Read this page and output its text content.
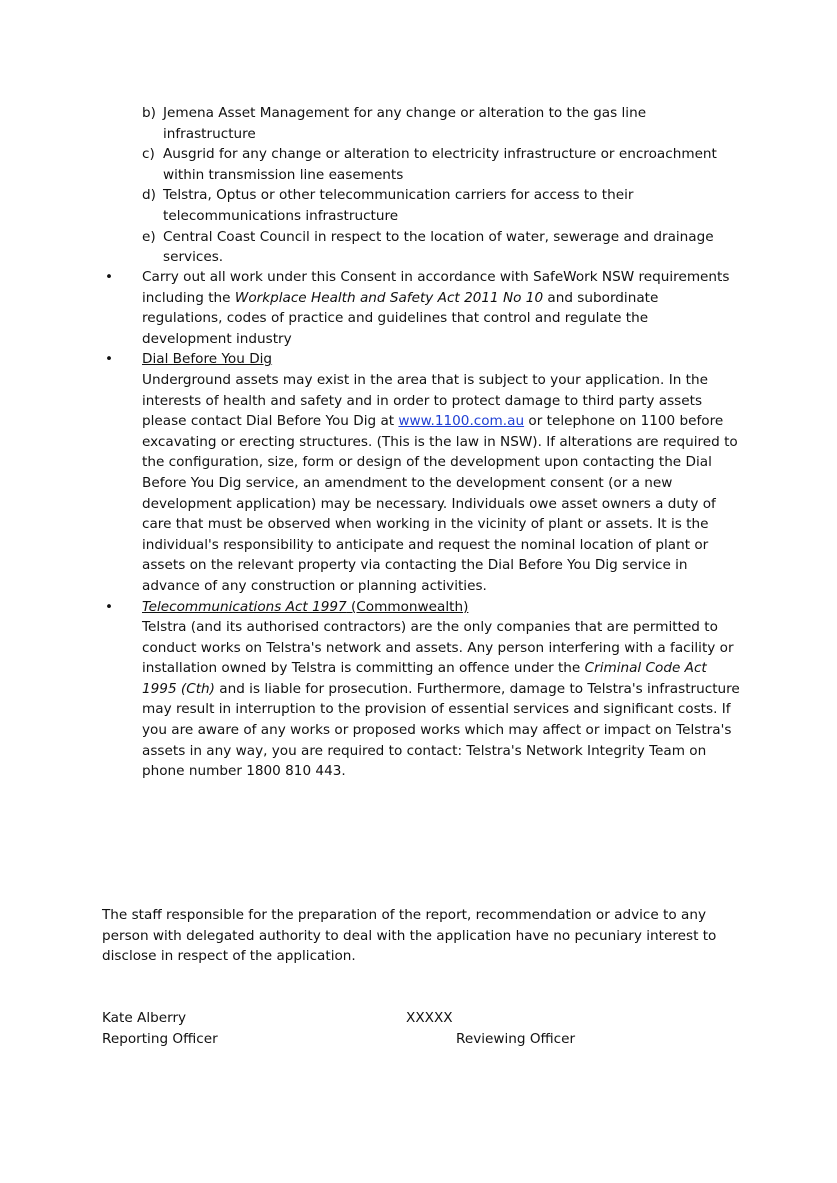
b) Jemena Asset Management for any change or alteration to the gas line infrastructure
c) Ausgrid for any change or alteration to electricity infrastructure or encroachment within transmission line easements
d) Telstra, Optus or other telecommunication carriers for access to their telecommunications infrastructure
e) Central Coast Council in respect to the location of water, sewerage and drainage services.
• Carry out all work under this Consent in accordance with SafeWork NSW requirements including the Workplace Health and Safety Act 2011 No 10 and subordinate regulations, codes of practice and guidelines that control and regulate the development industry
• Dial Before You Dig
Underground assets may exist in the area that is subject to your application. In the interests of health and safety and in order to protect damage to third party assets please contact Dial Before You Dig at www.1100.com.au or telephone on 1100 before excavating or erecting structures. (This is the law in NSW). If alterations are required to the configuration, size, form or design of the development upon contacting the Dial Before You Dig service, an amendment to the development consent (or a new development application) may be necessary. Individuals owe asset owners a duty of care that must be observed when working in the vicinity of plant or assets. It is the individual's responsibility to anticipate and request the nominal location of plant or assets on the relevant property via contacting the Dial Before You Dig service in advance of any construction or planning activities.
• Telecommunications Act 1997 (Commonwealth)
Telstra (and its authorised contractors) are the only companies that are permitted to conduct works on Telstra's network and assets. Any person interfering with a facility or installation owned by Telstra is committing an offence under the Criminal Code Act 1995 (Cth) and is liable for prosecution. Furthermore, damage to Telstra's infrastructure may result in interruption to the provision of essential services and significant costs. If you are aware of any works or proposed works which may affect or impact on Telstra's assets in any way, you are required to contact: Telstra's Network Integrity Team on phone number 1800 810 443.

The staff responsible for the preparation of the report, recommendation or advice to any person with delegated authority to deal with the application have no pecuniary interest to disclose in respect of the application.

Kate Alberry

Reporting Officer

XXXXX

Reviewing Officer
